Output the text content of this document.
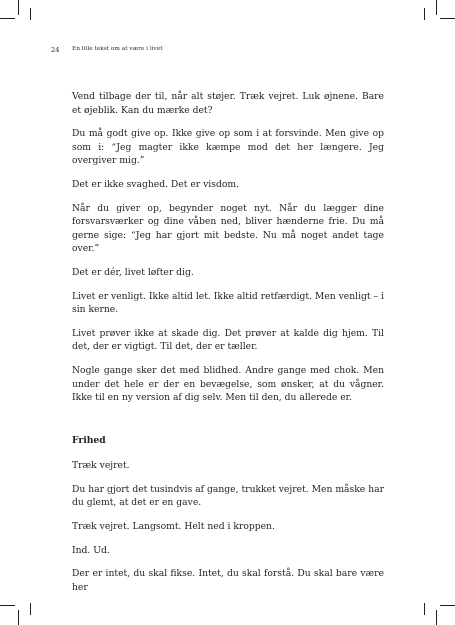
24 En lille tekst om at være i livet

Vend tilbage der til, når alt støjer. Træk vejret. Luk øjnene. Bare et øjeblik. Kan du mærke det?

Du må godt give op. Ikke give op som i at forsvinde. Men give op som i: “Jeg magter ikke kæmpe mod det her længere. Jeg overgiver mig.”

Det er ikke svaghed. Det er visdom.

Når du giver op, begynder noget nyt. Når du lægger dine forsvarsværker og dine våben ned, bliver hænderne frie. Du må gerne sige: “Jeg har gjort mit bedste. Nu må noget andet tage over.”

Det er dér, livet løfter dig.

Livet er venligt. Ikke altid let. Ikke altid retfærdigt. Men venligt – i sin kerne.

Livet prøver ikke at skade dig. Det prøver at kalde dig hjem. Til det, der er vigtigt. Til det, der er tæller.

Nogle gange sker det med blidhed. Andre gange med chok. Men under det hele er der en bevægelse, som ønsker, at du vågner. Ikke til en ny version af dig selv. Men til den, du allerede er.

Frihed

Træk vejret.

Du har gjort det tusindvis af gange, trukket vejret. Men måske har du glemt, at det er en gave.

Træk vejret. Langsomt. Helt ned i kroppen.

Ind. Ud.

Der er intet, du skal fikse. Intet, du skal forstå. Du skal bare være her
